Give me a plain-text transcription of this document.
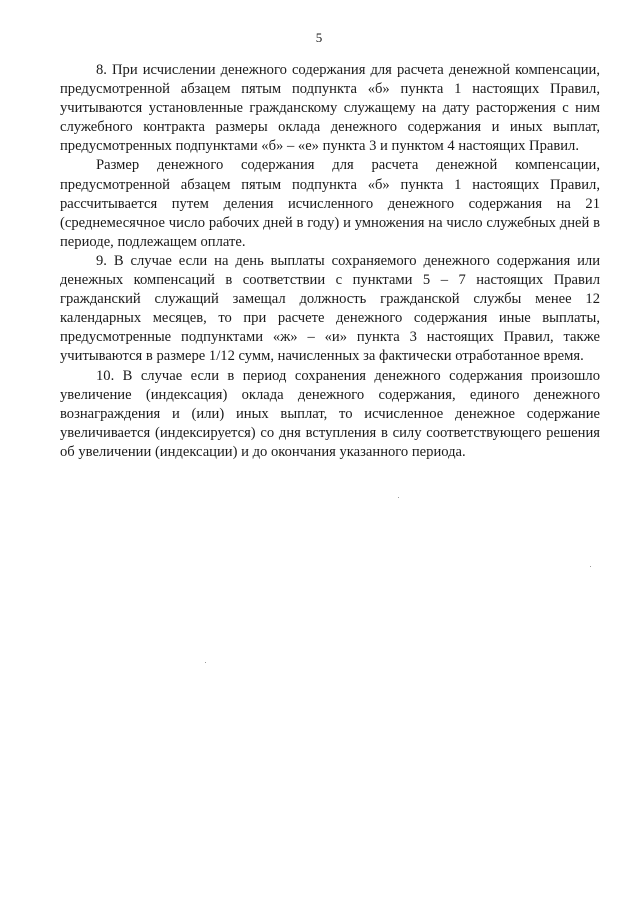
5

8. При исчислении денежного содержания для расчета денежной компенсации, предусмотренной абзацем пятым подпункта «б» пункта 1 настоящих Правил, учитываются установленные гражданскому служащему на дату расторжения с ним служебного контракта размеры оклада денежного содержания и иных выплат, предусмотренных подпунктами «б» – «е» пункта 3 и пунктом 4 настоящих Правил.

Размер денежного содержания для расчета денежной компенсации, предусмотренной абзацем пятым подпункта «б» пункта 1 настоящих Правил, рассчитывается путем деления исчисленного денежного содержания на 21 (среднемесячное число рабочих дней в году) и умножения на число служебных дней в периоде, подлежащем оплате.

9. В случае если на день выплаты сохраняемого денежного содержания или денежных компенсаций в соответствии с пунктами 5 – 7 настоящих Правил гражданский служащий замещал должность гражданской службы менее 12 календарных месяцев, то при расчете денежного содержания иные выплаты, предусмотренные подпунктами «ж» – «и» пункта 3 настоящих Правил, также учитываются в размере 1/12 сумм, начисленных за фактически отработанное время.

10. В случае если в период сохранения денежного содержания произошло увеличение (индексация) оклада денежного содержания, единого денежного вознаграждения и (или) иных выплат, то исчисленное денежное содержание увеличивается (индексируется) со дня вступления в силу соответствующего решения об увеличении (индексации) и до окончания указанного периода.
